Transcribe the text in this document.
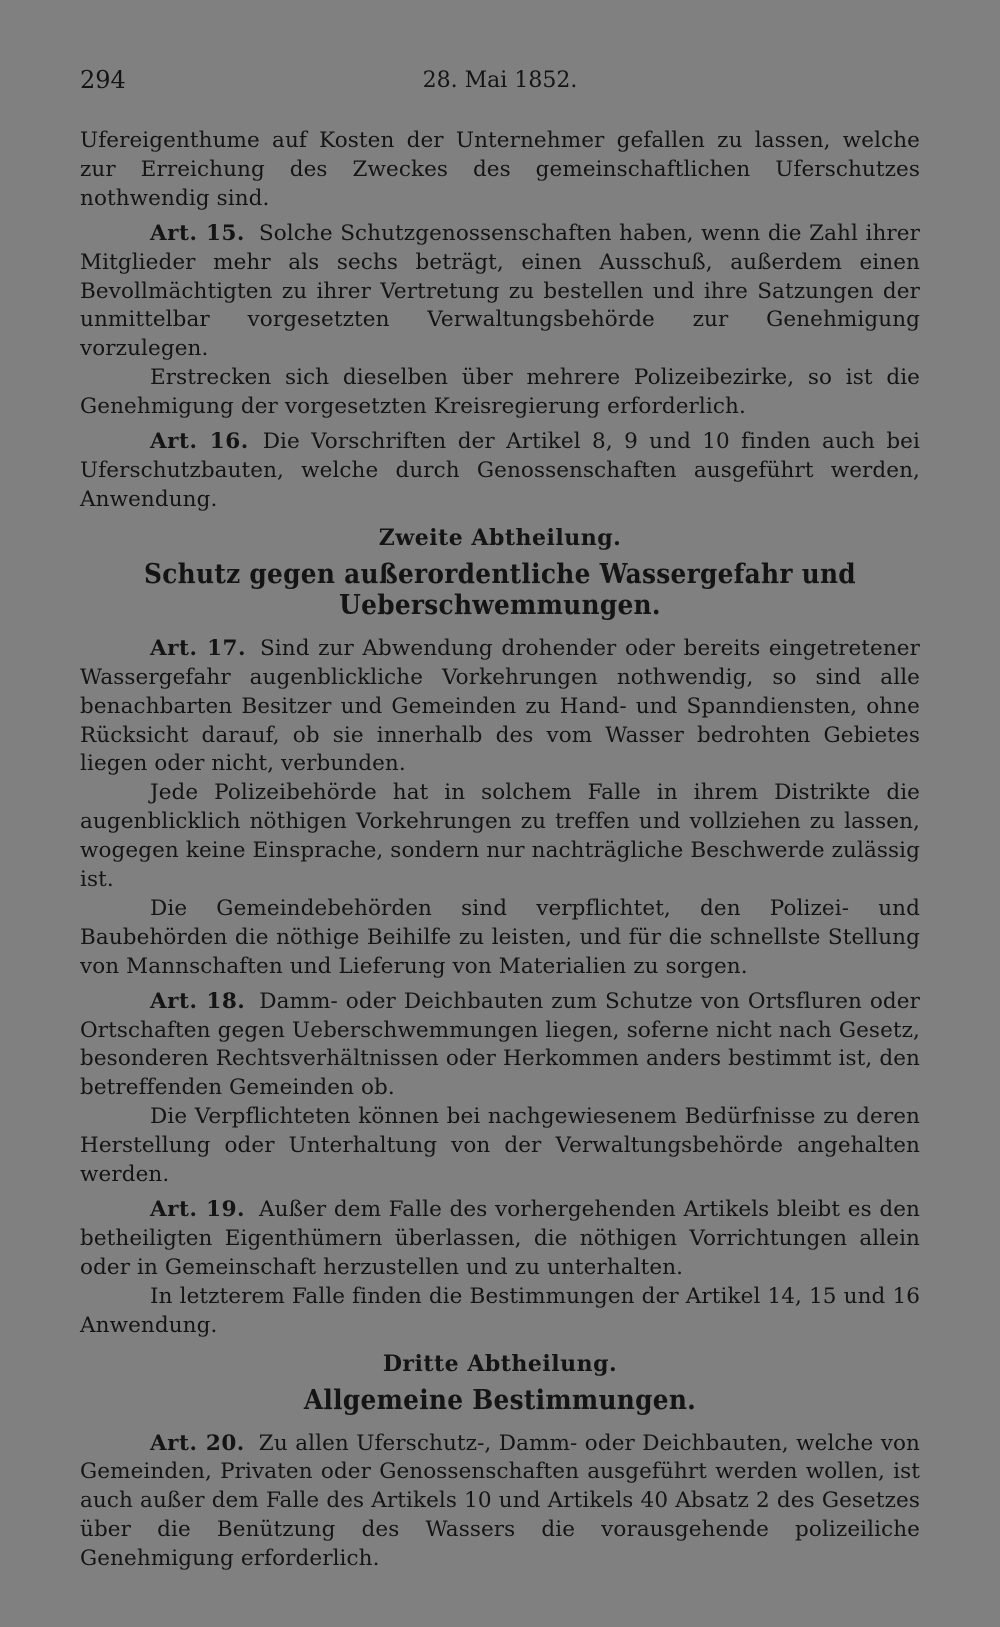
294	28. Mai 1852.

Ufereigenthume auf Kosten der Unternehmer gefallen zu lassen, welche zur Erreichung des Zweckes des gemeinschaftlichen Uferschutzes nothwendig sind.

Art. 15. Solche Schutzgenossenschaften haben, wenn die Zahl ihrer Mitglieder mehr als sechs beträgt, einen Ausschuß, außerdem einen Bevollmächtigten zu ihrer Vertretung zu bestellen und ihre Satzungen der unmittelbar vorgesetzten Verwaltungsbehörde zur Genehmigung vorzulegen.

Erstrecken sich dieselben über mehrere Polizeibezirke, so ist die Genehmigung der vorgesetzten Kreisregierung erforderlich.

Art. 16. Die Vorschriften der Artikel 8, 9 und 10 finden auch bei Uferschutzbauten, welche durch Genossenschaften ausgeführt werden, Anwendung.

Zweite Abtheilung.
Schutz gegen außerordentliche Wassergefahr und Ueberschwemmungen.

Art. 17. Sind zur Abwendung drohender oder bereits eingetretener Wassergefahr augenblickliche Vorkehrungen nothwendig, so sind alle benachbarten Besitzer und Gemeinden zu Hand- und Spanndiensten, ohne Rücksicht darauf, ob sie innerhalb des vom Wasser bedrohten Gebietes liegen oder nicht, verbunden.

Jede Polizeibehörde hat in solchem Falle in ihrem Distrikte die augenblicklich nöthigen Vorkehrungen zu treffen und vollziehen zu lassen, wogegen keine Einsprache, sondern nur nachträgliche Beschwerde zulässig ist.

Die Gemeindebehörden sind verpflichtet, den Polizei- und Baubehörden die nöthige Beihilfe zu leisten, und für die schnellste Stellung von Mannschaften und Lieferung von Materialien zu sorgen.

Art. 18. Damm- oder Deichbauten zum Schutze von Ortsfluren oder Ortschaften gegen Ueberschwemmungen liegen, soferne nicht nach Gesetz, besonderen Rechtsverhältnissen oder Herkommen anders bestimmt ist, den betreffenden Gemeinden ob.

Die Verpflichteten können bei nachgewiesenem Bedürfnisse zu deren Herstellung oder Unterhaltung von der Verwaltungsbehörde angehalten werden.

Art. 19. Außer dem Falle des vorhergehenden Artikels bleibt es den betheiligten Eigenthümern überlassen, die nöthigen Vorrichtungen allein oder in Gemeinschaft herzustellen und zu unterhalten.

In letzterem Falle finden die Bestimmungen der Artikel 14, 15 und 16 Anwendung.

Dritte Abtheilung.
Allgemeine Bestimmungen.

Art. 20. Zu allen Uferschutz-, Damm- oder Deichbauten, welche von Gemeinden, Privaten oder Genossenschaften ausgeführt werden wollen, ist auch außer dem Falle des Artikels 10 und Artikels 40 Absatz 2 des Gesetzes über die Benützung des Wassers die vorausgehende polizeiliche Genehmigung erforderlich.
